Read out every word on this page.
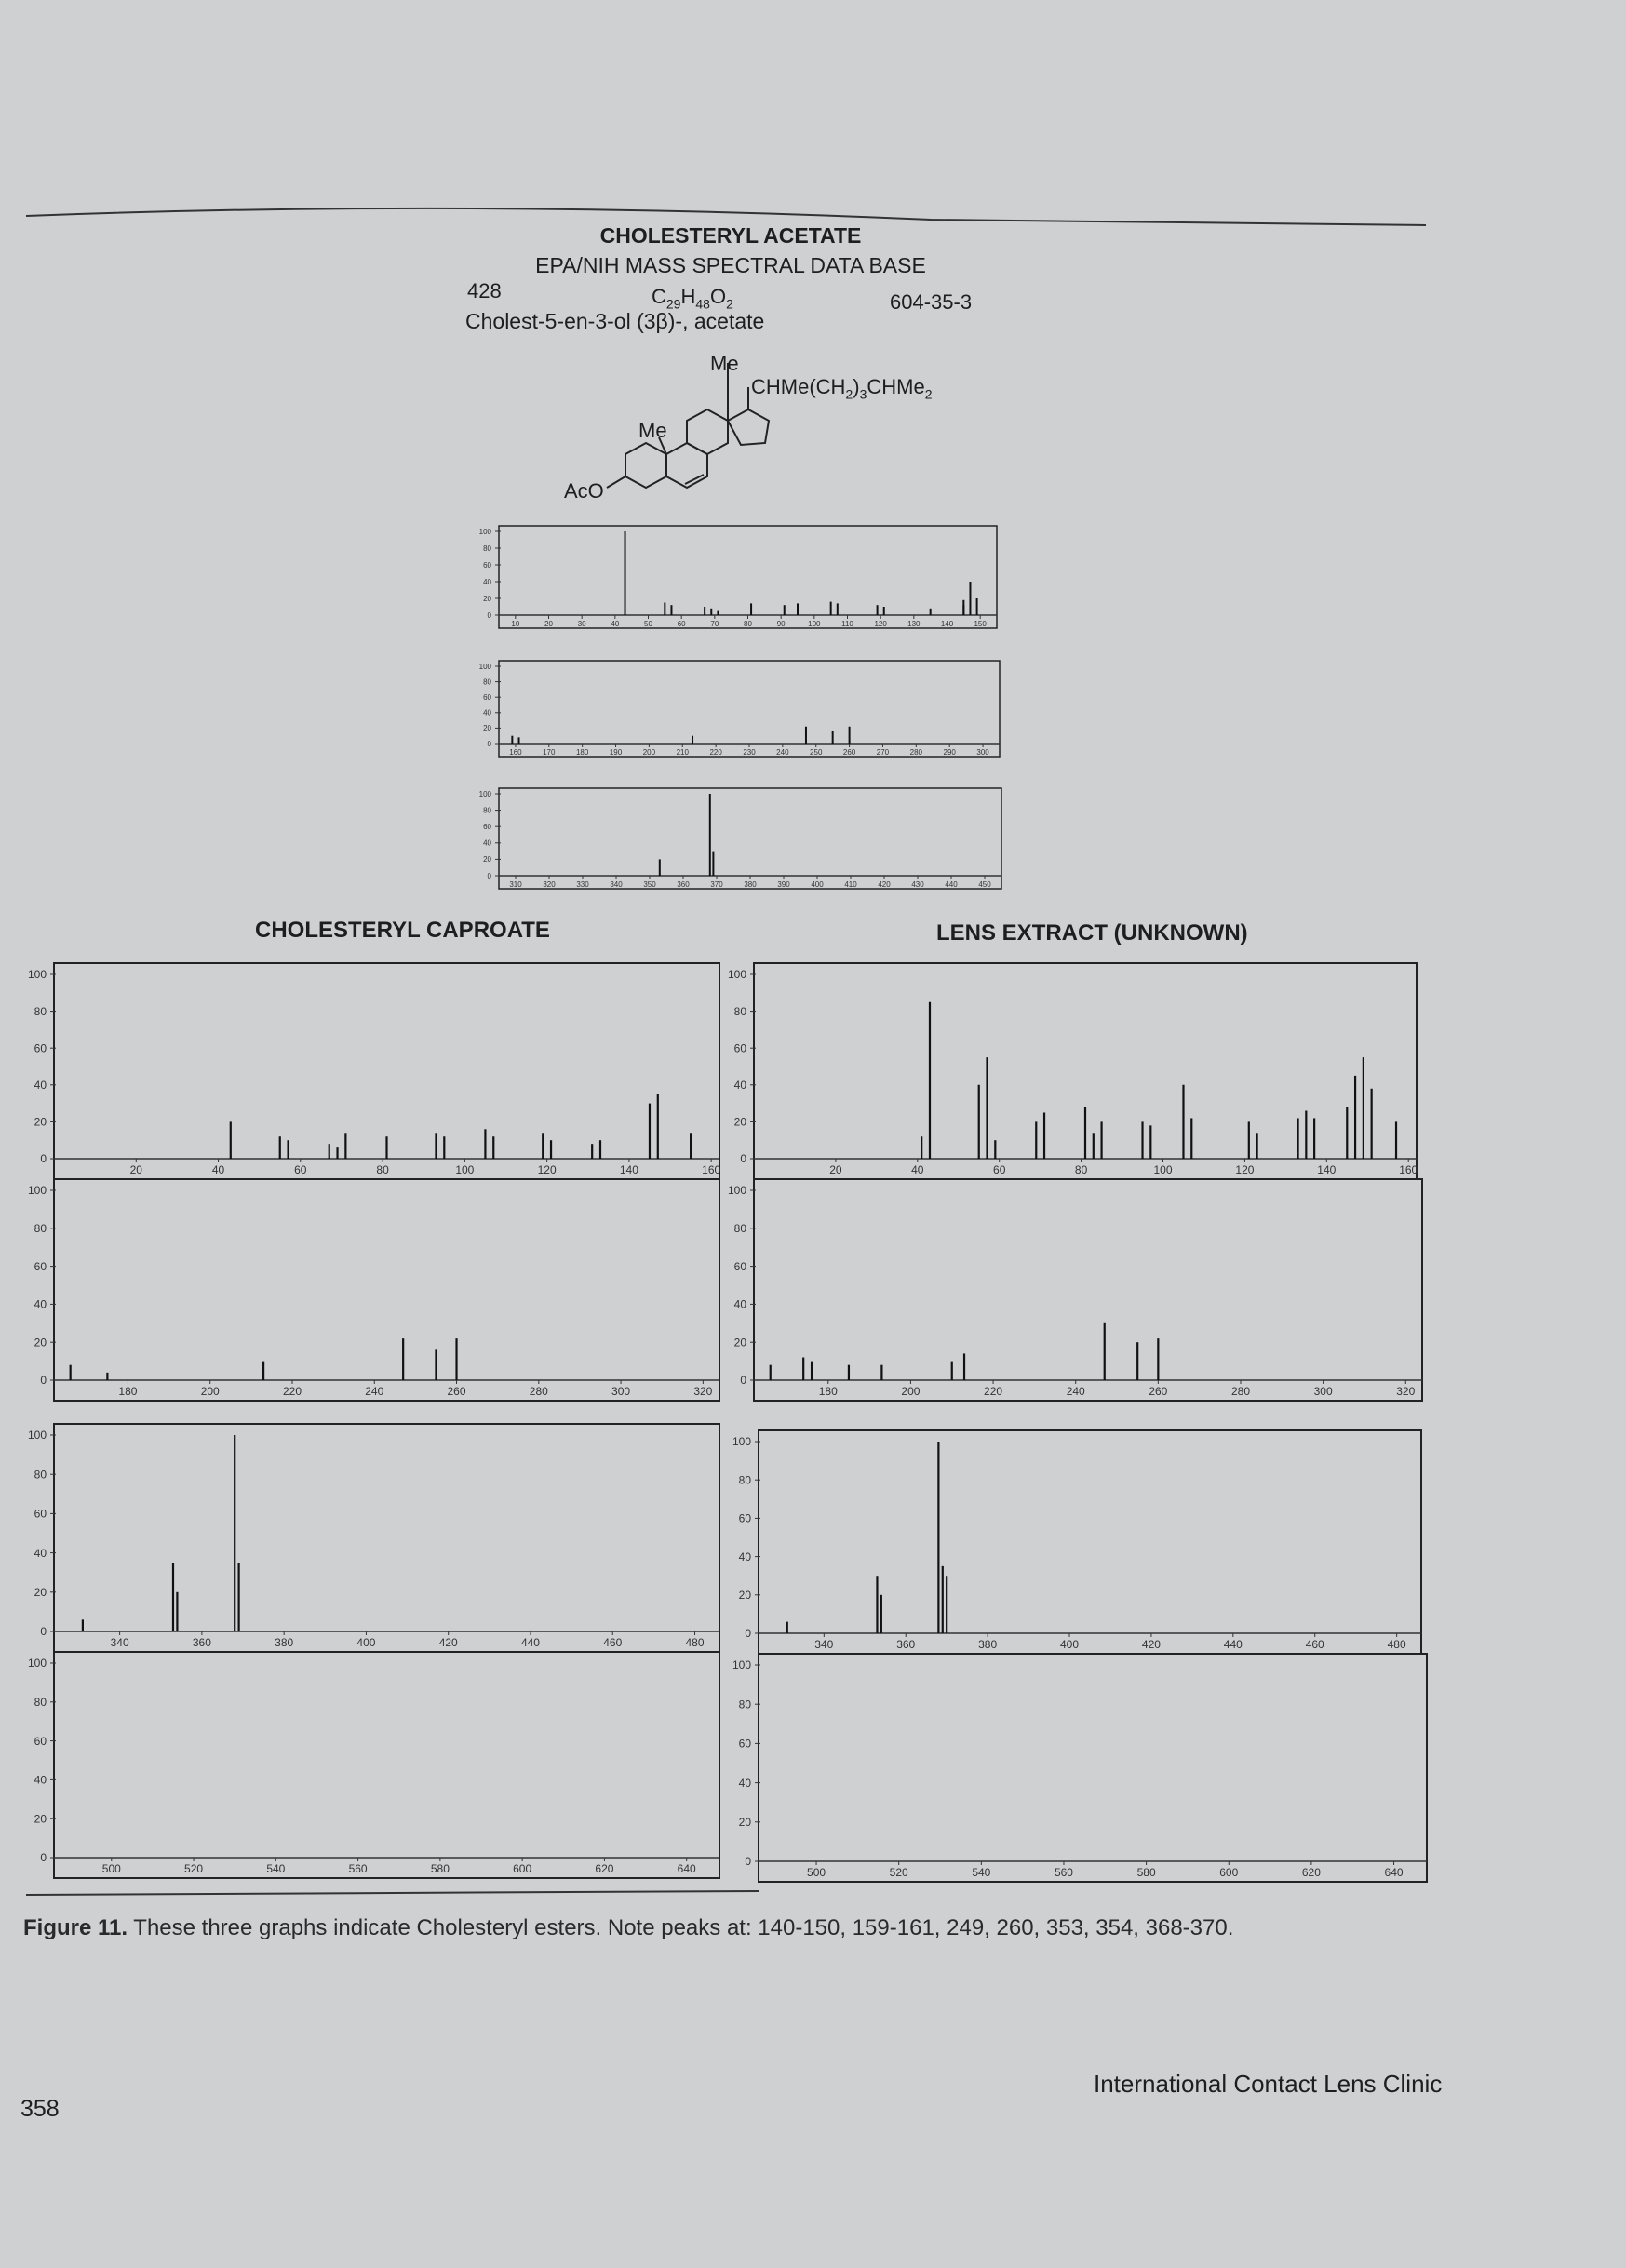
CHOLESTERYL ACETATE
EPA/NIH MASS SPECTRAL DATA BASE
428	$C_{29}H_{48}O_2$	604-35-3
Cholest-5-en-3-ol (3β)-, acetate
Me
$CHMe(CH_2)_3CHMe_2$
Me
AcO
0
20
40
60
80
100
10	20	30	40	50	60	70	80	90	100	110	120	130	140	150
0
20
40
60
80
100
160	170	180	190	200	210	220	230	240	250	260	270	280	290	300
0
20
40
60
80
100
310	320	330	340	350	360	370	380	390	400	410	420	430	440	450
CHOLESTERYL CAPROATE	LENS EXTRACT (UNKNOWN)
0
20
40
60
80
100
20	40	60	80	100	120	140	160
0
20
40
60
80
100
180	200	220	240	260	280	300	320
0
20
40
60
80
100
340	360	380	400	420	440	460	480
0
20
40
60
80
100
500	520	540	560	580	600	620	640
0
20
40
60
80
100
20	40	60	80	100	120	140	160
0
20
40
60
80
100
180	200	220	240	260	280	300	320
0
20
40
60
80
100
340	360	380	400	420	440	460	480
0
20
40
60
80
100
500	520	540	560	580	600	620	640
Figure 11. These three graphs indicate Cholesteryl esters. Note peaks at: 140-150, 159-161, 249, 260, 353, 354, 368-370.
358
International Contact Lens Clinic
